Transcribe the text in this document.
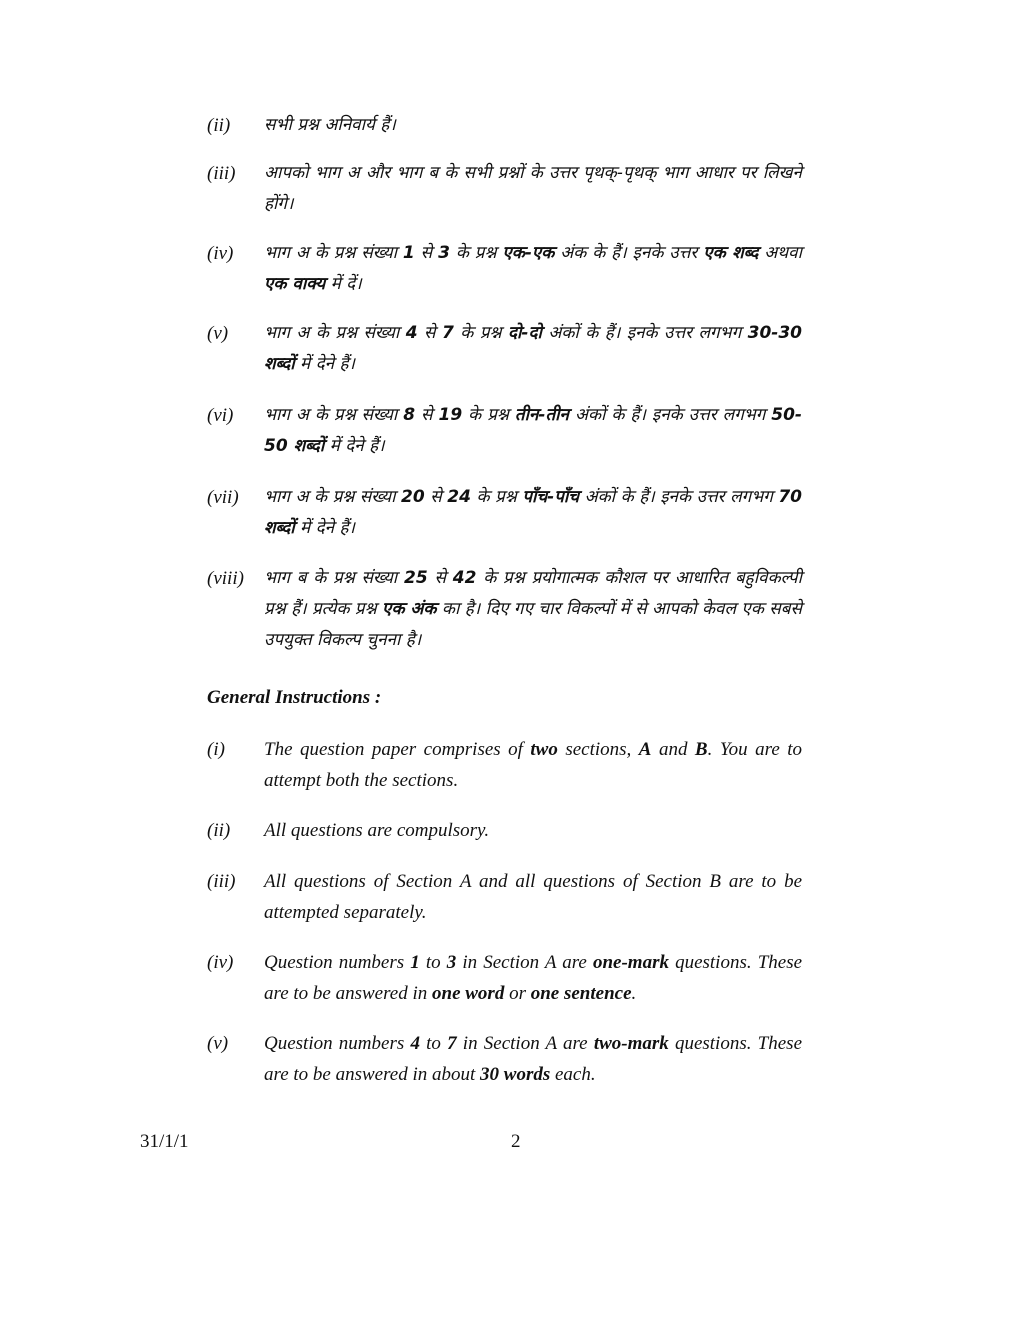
(ii) सभी प्रश्न अनिवार्य हैं।
(iii) आपको भाग अ और भाग ब के सभी प्रश्नों के उत्तर पृथक्-पृथक् भाग आधार पर लिखने होंगे।
(iv) भाग अ के प्रश्न संख्या 1 से 3 के प्रश्न एक-एक अंक के हैं। इनके उत्तर एक शब्द अथवा एक वाक्य में दें।
(v) भाग अ के प्रश्न संख्या 4 से 7 के प्रश्न दो-दो अंकों के हैं। इनके उत्तर लगभग 30-30 शब्दों में देने हैं।
(vi) भाग अ के प्रश्न संख्या 8 से 19 के प्रश्न तीन-तीन अंकों के हैं। इनके उत्तर लगभग 50-50 शब्दों में देने हैं।
(vii) भाग अ के प्रश्न संख्या 20 से 24 के प्रश्न पाँच-पाँच अंकों के हैं। इनके उत्तर लगभग 70 शब्दों में देने हैं।
(viii) भाग ब के प्रश्न संख्या 25 से 42 के प्रश्न प्रयोगात्मक कौशल पर आधारित बहुविकल्पी प्रश्न हैं। प्रत्येक प्रश्न एक अंक का है। दिए गए चार विकल्पों में से आपको केवल एक सबसे उपयुक्त विकल्प चुनना है।
General Instructions :
(i) The question paper comprises of two sections, A and B. You are to attempt both the sections.
(ii) All questions are compulsory.
(iii) All questions of Section A and all questions of Section B are to be attempted separately.
(iv) Question numbers 1 to 3 in Section A are one-mark questions. These are to be answered in one word or one sentence.
(v) Question numbers 4 to 7 in Section A are two-mark questions. These are to be answered in about 30 words each.
31/1/1	2
